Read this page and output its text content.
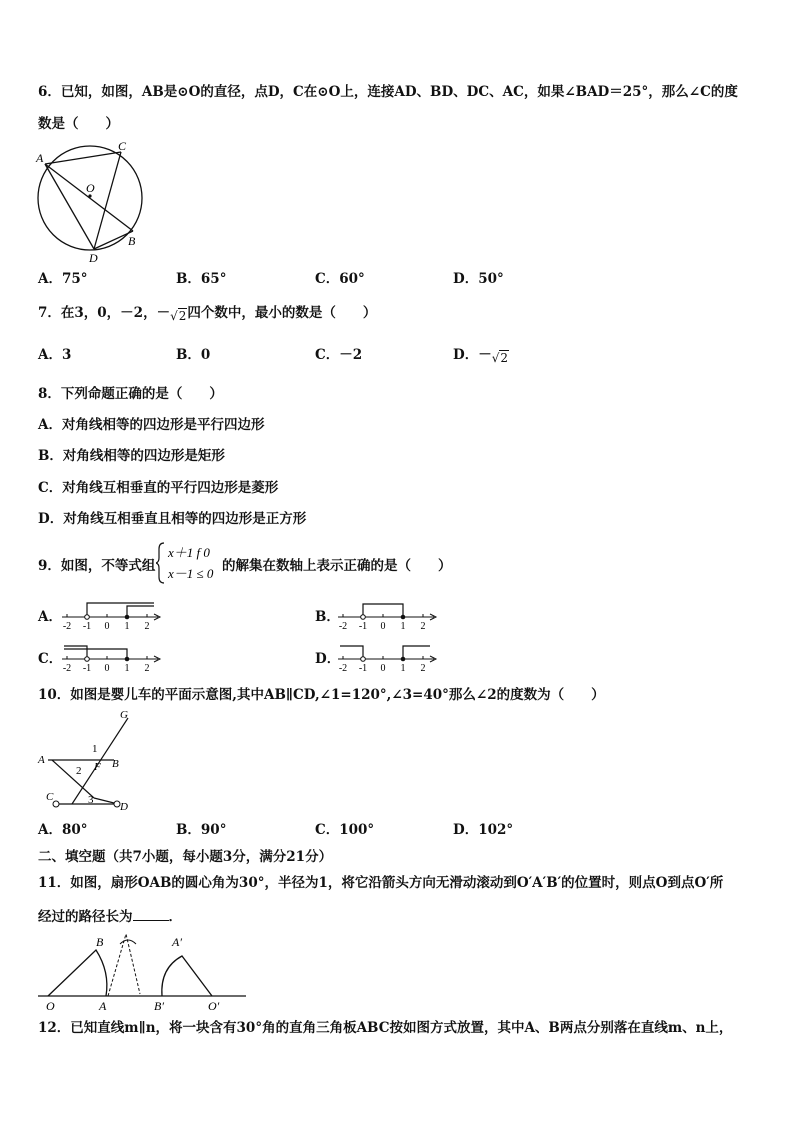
6．已知，如图，AB是⊙O的直径，点D，C在⊙O上，连接AD、BD、DC、AC，如果∠BAD＝25°，那么∠C的度
数是（　　）
A
C
O
D
B
A．75°	B．65°	C．60°	D．50°
7．在3，0，－2，－√2四个数中，最小的数是（　　）
A．3	B．0	C．－2	D．－√2
8．下列命题正确的是（　　）
A．对角线相等的四边形是平行四边形
B．对角线相等的四边形是矩形
C．对角线互相垂直的平行四边形是菱形
D．对角线互相垂直且相等的四边形是正方形
9．如图，不等式组
x＋1 f 0
x－1 ≤ 0 的解集在数轴上表示正确的是（　　）
A．	B．
C．	D．
-2 -1 0 1 2	-2 -1 0 1 2
-2 -1 0 1 2	-2 -1 0 1 2
10．如图是婴儿车的平面示意图,其中AB∥CD,∠1=120°,∠3=40°那么∠2的度数为（　　）
G
1
A
2 F B
C	3
D
A．80°	B．90°	C．100°	D．102°
二、填空题（共7小题，每小题3分，满分21分）
11．如图，扇形OAB的圆心角为30°，半径为1，将它沿箭头方向无滑动滚动到O′A′B′的位置时，则点O到点O′所
经过的路径长为	．
B	A′
O	A	B′	O′
12．已知直线m∥n，将一块含有30°角的直角三角板ABC按如图方式放置，其中A、B两点分别落在直线m、n上，
